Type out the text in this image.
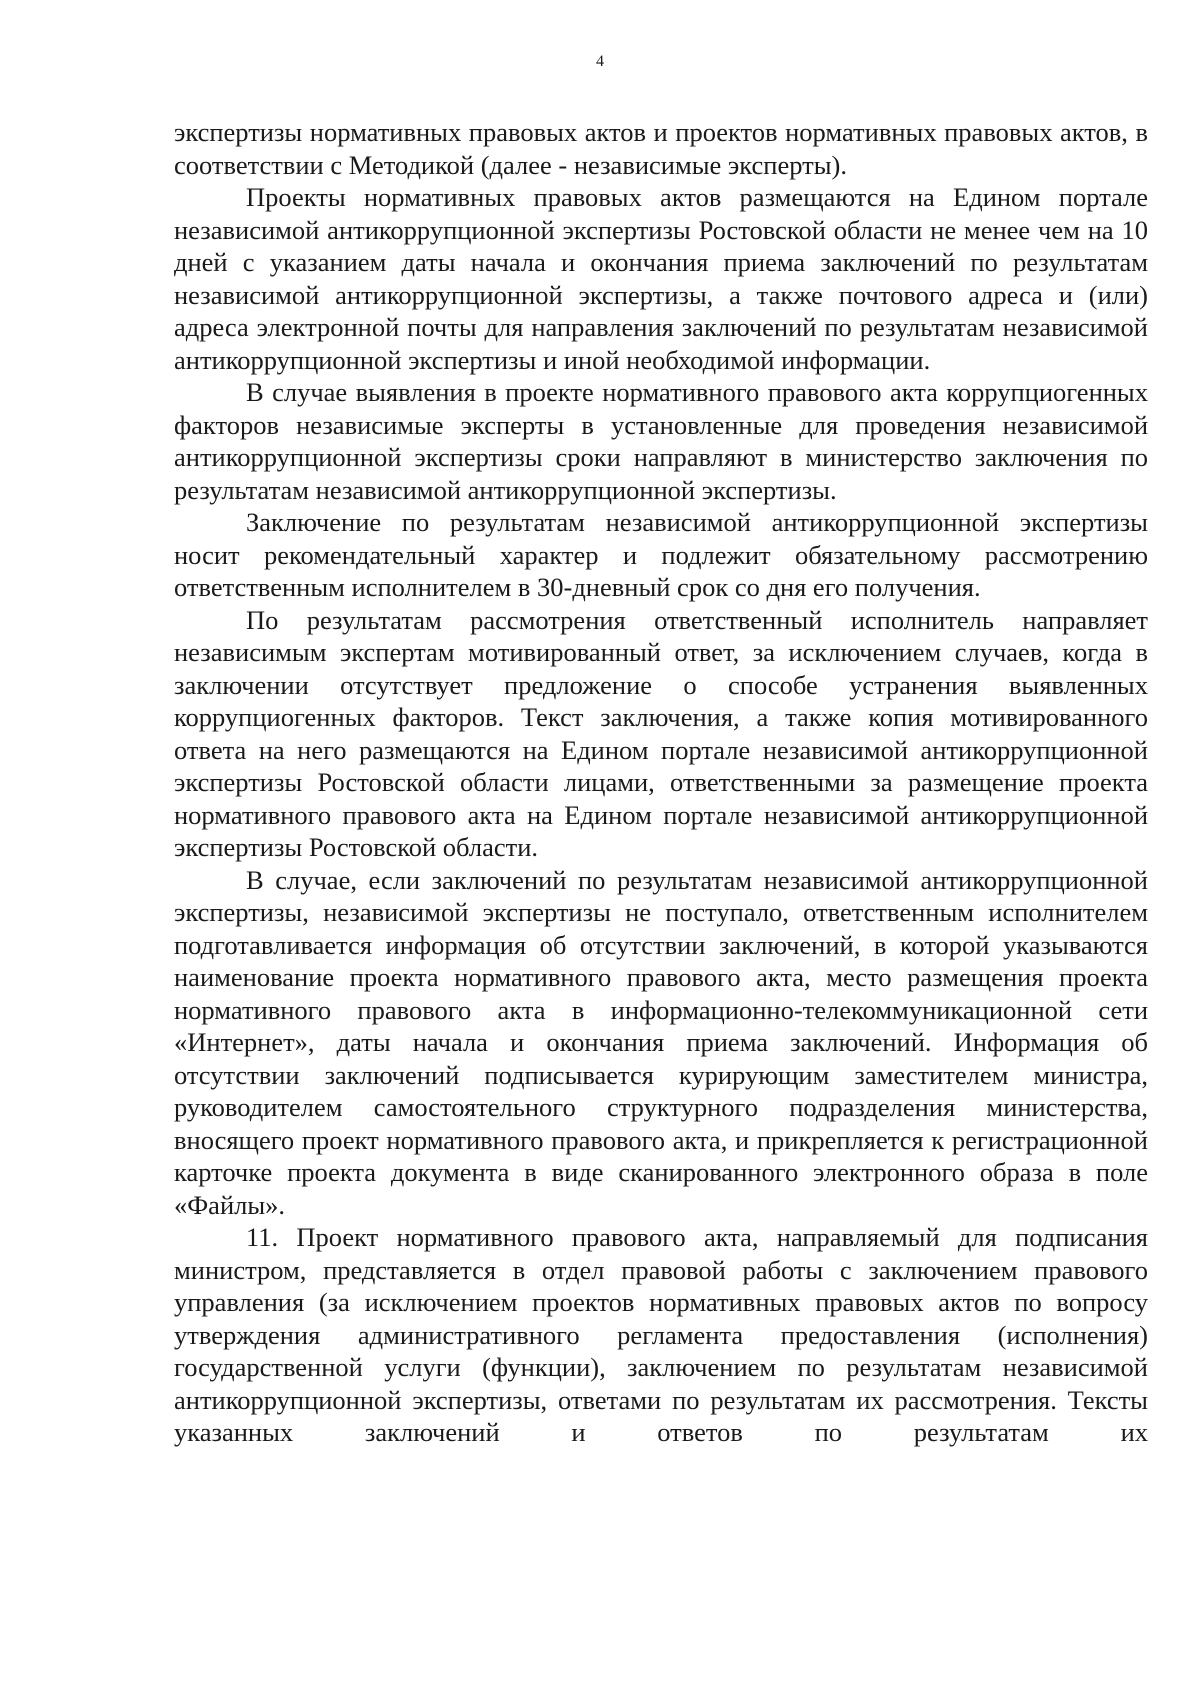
4

экспертизы нормативных правовых актов и проектов нормативных правовых актов, в соответствии с Методикой (далее - независимые эксперты).

Проекты нормативных правовых актов размещаются на Едином портале независимой антикоррупционной экспертизы Ростовской области не менее чем на 10 дней с указанием даты начала и окончания приема заключений по результатам независимой антикоррупционной экспертизы, а также почтового адреса и (или) адреса электронной почты для направления заключений по результатам независимой антикоррупционной экспертизы и иной необходимой информации.

В случае выявления в проекте нормативного правового акта коррупциогенных факторов независимые эксперты в установленные для проведения независимой антикоррупционной экспертизы сроки направляют в министерство заключения по результатам независимой антикоррупционной экспертизы.

Заключение по результатам независимой антикоррупционной экспертизы носит рекомендательный характер и подлежит обязательному рассмотрению ответственным исполнителем в 30-дневный срок со дня его получения.

По результатам рассмотрения ответственный исполнитель направляет независимым экспертам мотивированный ответ, за исключением случаев, когда в заключении отсутствует предложение о способе устранения выявленных коррупциогенных факторов. Текст заключения, а также копия мотивированного ответа на него размещаются на Едином портале независимой антикоррупционной экспертизы Ростовской области лицами, ответственными за размещение проекта нормативного правового акта на Едином портале независимой антикоррупционной экспертизы Ростовской области.

В случае, если заключений по результатам независимой антикоррупционной экспертизы, независимой экспертизы не поступало, ответственным исполнителем подготавливается информация об отсутствии заключений, в которой указываются наименование проекта нормативного правового акта, место размещения проекта нормативного правового акта в информационно-телекоммуникационной сети «Интернет», даты начала и окончания приема заключений. Информация об отсутствии заключений подписывается курирующим заместителем министра, руководителем самостоятельного структурного подразделения министерства, вносящего проект нормативного правового акта, и прикрепляется к регистрационной карточке проекта документа в виде сканированного электронного образа в поле «Файлы».

11. Проект нормативного правового акта, направляемый для подписания министром, представляется в отдел правовой работы с заключением правового управления (за исключением проектов нормативных правовых актов по вопросу утверждения административного регламента предоставления (исполнения) государственной услуги (функции), заключением по результатам независимой антикоррупционной экспертизы, ответами по результатам их рассмотрения. Тексты указанных заключений и ответов по результатам их
